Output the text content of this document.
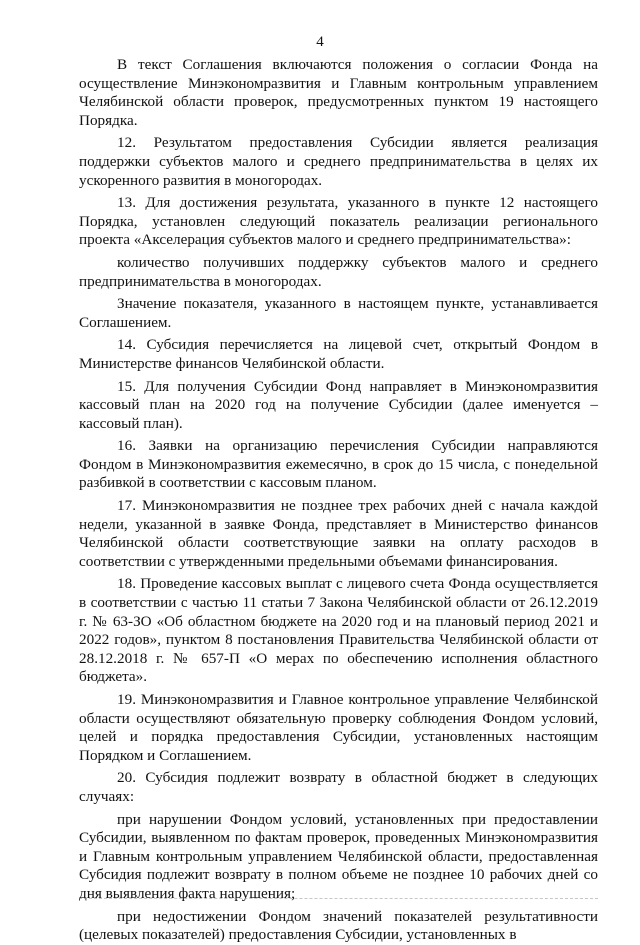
4

В текст Соглашения включаются положения о согласии Фонда на осуществление Минэкономразвития и Главным контрольным управлением Челябинской области проверок, предусмотренных пунктом 19 настоящего Порядка.

12. Результатом предоставления Субсидии является реализация поддержки субъектов малого и среднего предпринимательства в целях их ускоренного развития в моногородах.

13. Для достижения результата, указанного в пункте 12 настоящего Порядка, установлен следующий показатель реализации регионального проекта «Акселерация субъектов малого и среднего предпринимательства»:

количество получивших поддержку субъектов малого и среднего предпринимательства в моногородах.

Значение показателя, указанного в настоящем пункте, устанавливается Соглашением.

14. Субсидия перечисляется на лицевой счет, открытый Фондом в Министерстве финансов Челябинской области.

15. Для получения Субсидии Фонд направляет в Минэкономразвития кассовый план на 2020 год на получение Субсидии (далее именуется – кассовый план).

16. Заявки на организацию перечисления Субсидии направляются Фондом в Минэкономразвития ежемесячно, в срок до 15 числа, с понедельной разбивкой в соответствии с кассовым планом.

17. Минэкономразвития не позднее трех рабочих дней с начала каждой недели, указанной в заявке Фонда, представляет в Министерство финансов Челябинской области соответствующие заявки на оплату расходов в соответствии с утвержденными предельными объемами финансирования.

18. Проведение кассовых выплат с лицевого счета Фонда осуществляется в соответствии с частью 11 статьи 7 Закона Челябинской области от 26.12.2019 г. № 63-ЗО «Об областном бюджете на 2020 год и на плановый период 2021 и 2022 годов», пунктом 8 постановления Правительства Челябинской области от 28.12.2018 г. № 657-П «О мерах по обеспечению исполнения областного бюджета».

19. Минэкономразвития и Главное контрольное управление Челябинской области осуществляют обязательную проверку соблюдения Фондом условий, целей и порядка предоставления Субсидии, установленных настоящим Порядком и Соглашением.

20. Субсидия подлежит возврату в областной бюджет в следующих случаях:

при нарушении Фондом условий, установленных при предоставлении Субсидии, выявленном по фактам проверок, проведенных Минэкономразвития и Главным контрольным управлением Челябинской области, предоставленная Субсидия подлежит возврату в полном объеме не позднее 10 рабочих дней со дня выявления факта нарушения;

при недостижении Фондом значений показателей результативности (целевых показателей) предоставления Субсидии, установленных в
